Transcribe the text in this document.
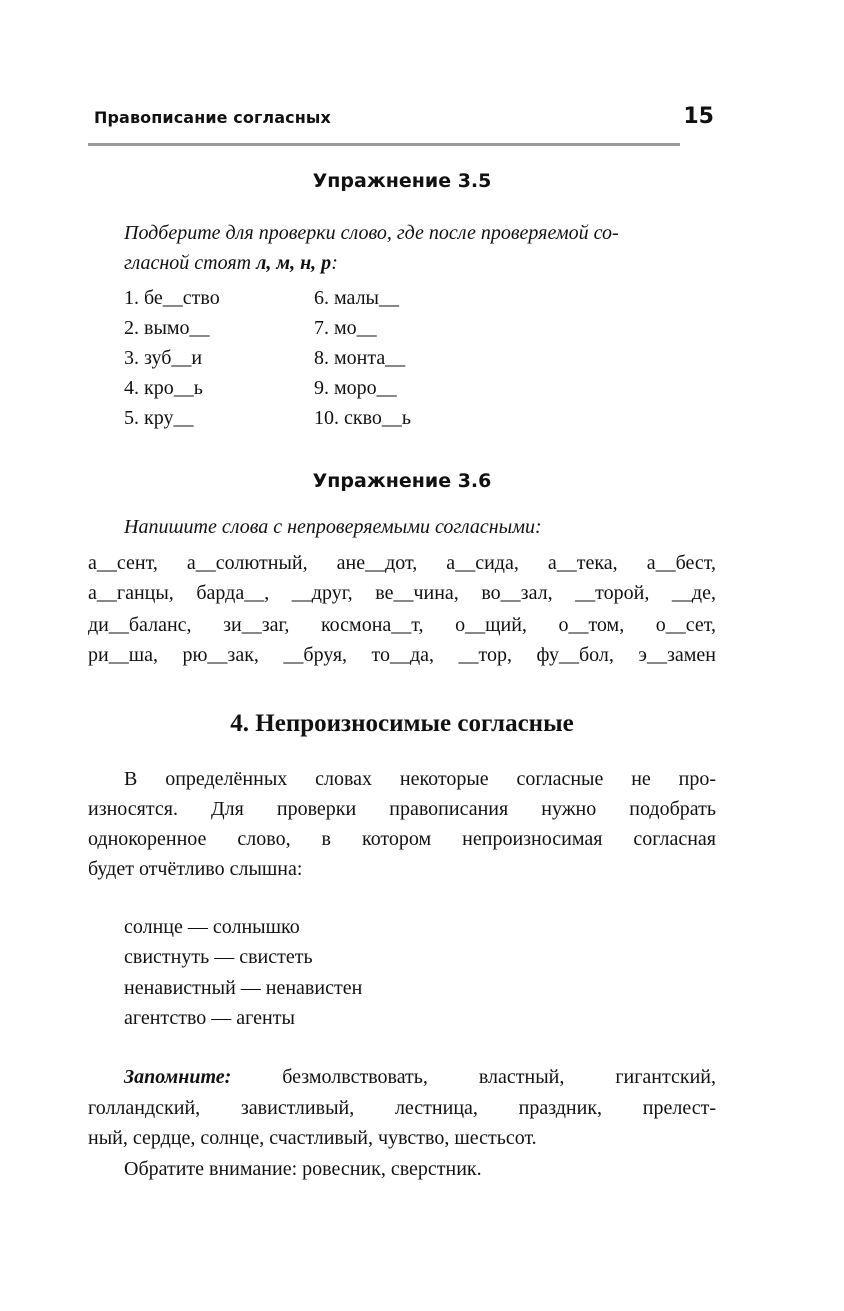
Правописание согласных	15
Упражнение 3.5
Подберите для проверки слово, где после проверяемой со-
гласной стоят л, м, н, р:
1. бе__ство	6. малы__
2. вымо__	7. мо__
3. зуб__и	8. монта__
4. кро__ь	9. моро__
5. кру__	10. скво__ь
Упражнение 3.6
Напишите слова с непроверяемыми согласными:
а__сент, а__солютный, ане__дот, а__сида, а__тека, а__бест,
а__ганцы, барда__, __друг, ве__чина, во__зал, __торой, __де,
ди__баланс, зи__заг, космона__т, о__щий, о__том, о__сет,
ри__ша, рю__зак, __бруя, то__да, __тор, фу__бол, э__замен
4. Непроизносимые согласные
В определённых словах некоторые согласные не про-
износятся. Для проверки правописания нужно подобрать
однокоренное слово, в котором непроизносимая согласная
будет отчётливо слышна:
солнце — солнышко
свистнуть — свистеть
ненавистный — ненавистен
агентство — агенты
Запомните: безмолвствовать, властный, гигантский,
голландский, завистливый, лестница, праздник, прелест-
ный, сердце, солнце, счастливый, чувство, шестьсот.
Обратите внимание: ровесник, сверстник.
